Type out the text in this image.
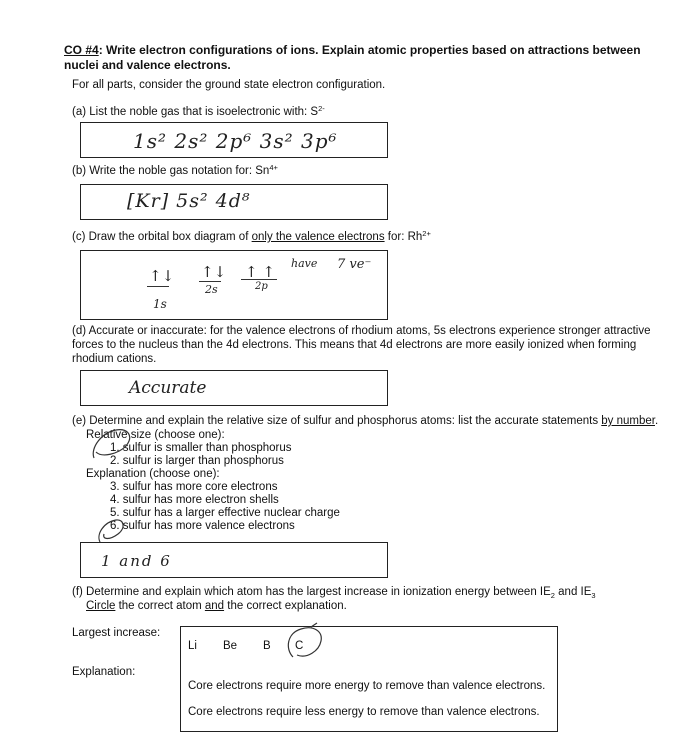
CO #4: Write electron configurations of ions. Explain atomic properties based on attractions between nuclei and valence electrons.
For all parts, consider the ground state electron configuration.
(a) List the noble gas that is isoelectronic with: $S^{2-}$
1s² 2s² 2p⁶ 3s² 3p⁶
(b) Write the noble gas notation for: $Sn^{4+}$
[Kr] 5s² 4d⁸
(c) Draw the orbital box diagram of only the valence electrons for: $Rh^{2+}$
↑↓
1s
↑↓
2s
↑ ↑
2p
have 7 ve⁻
(d) Accurate or inaccurate: for the valence electrons of rhodium atoms, 5s electrons experience stronger attractive forces to the nucleus than the 4d electrons. This means that 4d electrons are more easily ionized when forming rhodium cations.
Accurate
(e) Determine and explain the relative size of sulfur and phosphorus atoms: list the accurate statements by number.
Relative size (choose one):
1. sulfur is smaller than phosphorus
2. sulfur is larger than phosphorus
Explanation (choose one):
3. sulfur has more core electrons
4. sulfur has more electron shells
5. sulfur has a larger effective nuclear charge
6. sulfur has more valence electrons
1 and 6
(f) Determine and explain which atom has the largest increase in ionization energy between $IE_2$ and $IE_3$
Circle the correct atom and the correct explanation.
Largest increase:
Explanation:
Li Be B C
Core electrons require more energy to remove than valence electrons.
Core electrons require less energy to remove than valence electrons.
